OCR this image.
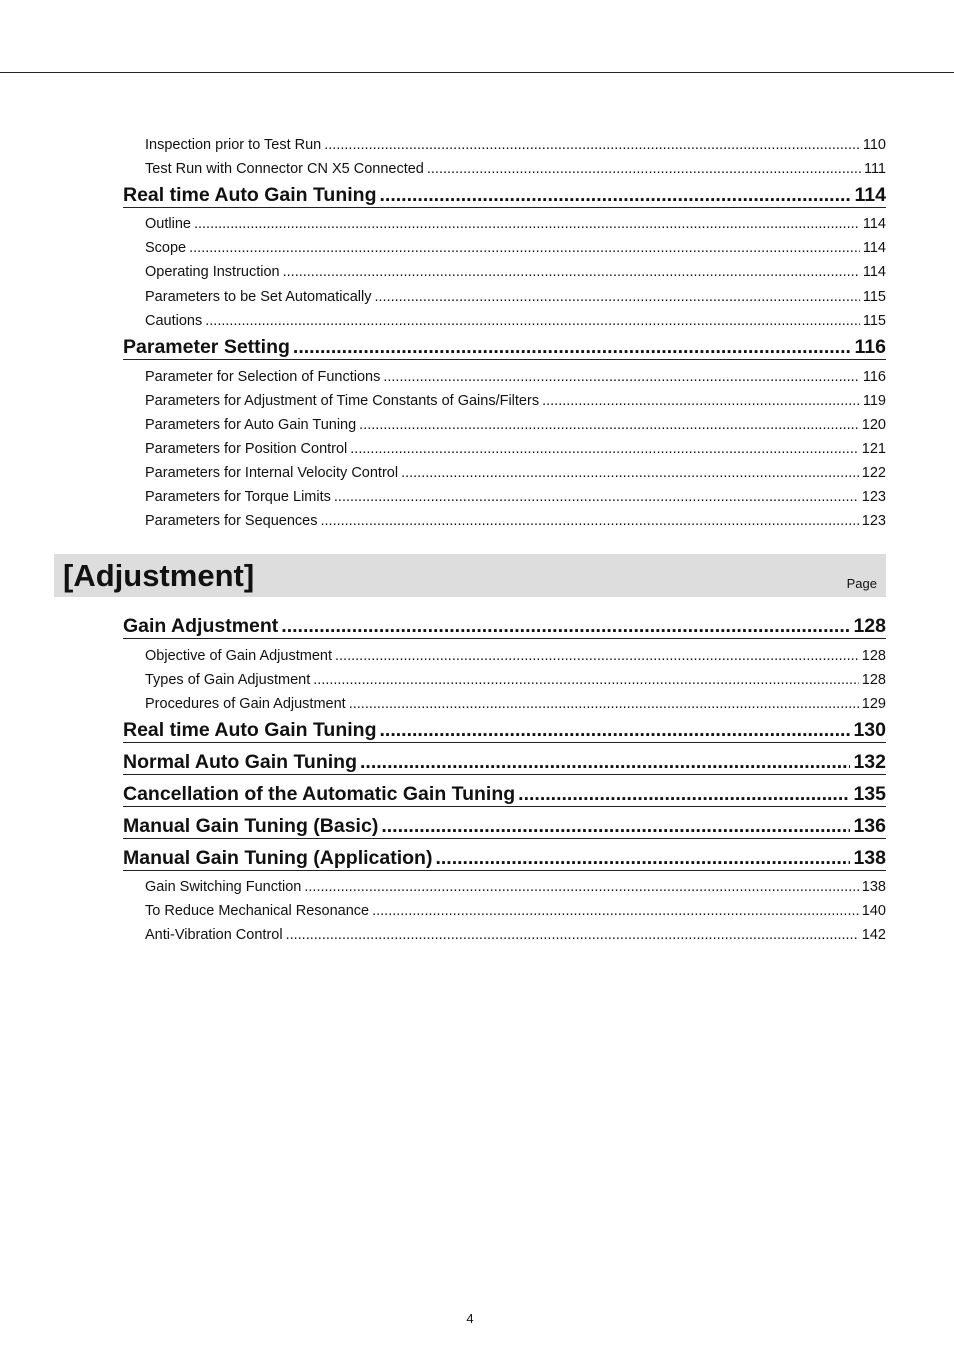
Inspection prior to Test Run .....	110
Test Run with Connector CN X5 Connected .....	111
Real time Auto Gain Tuning .....	114
Outline .....	114
Scope .....	114
Operating Instruction .....	114
Parameters to be Set Automatically .....	115
Cautions .....	115
Parameter Setting .....	116
Parameter for Selection of Functions .....	116
Parameters for Adjustment of Time Constants of Gains/Filters .....	119
Parameters for Auto Gain Tuning .....	120
Parameters for Position Control .....	121
Parameters for Internal Velocity Control .....	122
Parameters for Torque Limits .....	123
Parameters for Sequences .....	123
[Adjustment]	Page
Gain Adjustment .....	128
Objective of Gain Adjustment .....	128
Types of Gain Adjustment .....	128
Procedures of Gain Adjustment .....	129
Real time Auto Gain Tuning .....	130
Normal Auto Gain Tuning .....	132
Cancellation of the Automatic Gain Tuning .....	135
Manual Gain Tuning (Basic) .....	136
Manual Gain Tuning (Application) .....	138
Gain Switching Function .....	138
To Reduce Mechanical Resonance .....	140
Anti-Vibration Control .....	142
4
